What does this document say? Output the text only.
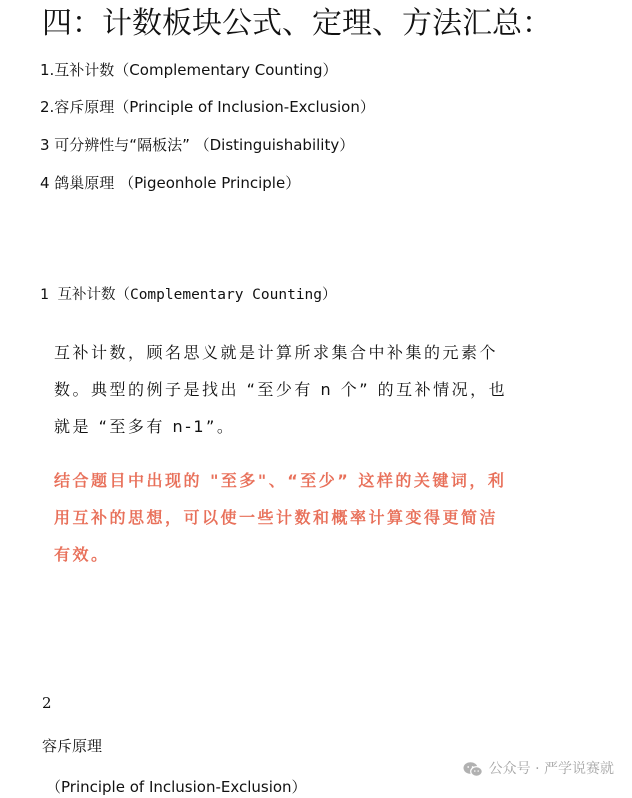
四：计数板块公式、定理、方法汇总：
1.互补计数（Complementary Counting）
2.容斥原理（Principle of Inclusion-Exclusion）
3 可分辨性与“隔板法” （Distinguishability）
4 鸽巢原理 （Pigeonhole Principle）
1 互补计数（Complementary Counting）
互补计数，顾名思义就是计算所求集合中补集的元素个
数。典型的例子是找出 “至少有 n 个” 的互补情况，也
就是 “至多有 n-1”。
结合题目中出现的 "至多"、“至少” 这样的关键词，利
用互补的思想，可以使一些计数和概率计算变得更简洁
有效。
2
容斥原理
（Principle of Inclusion-Exclusion）
公众号 · 严学说赛就
